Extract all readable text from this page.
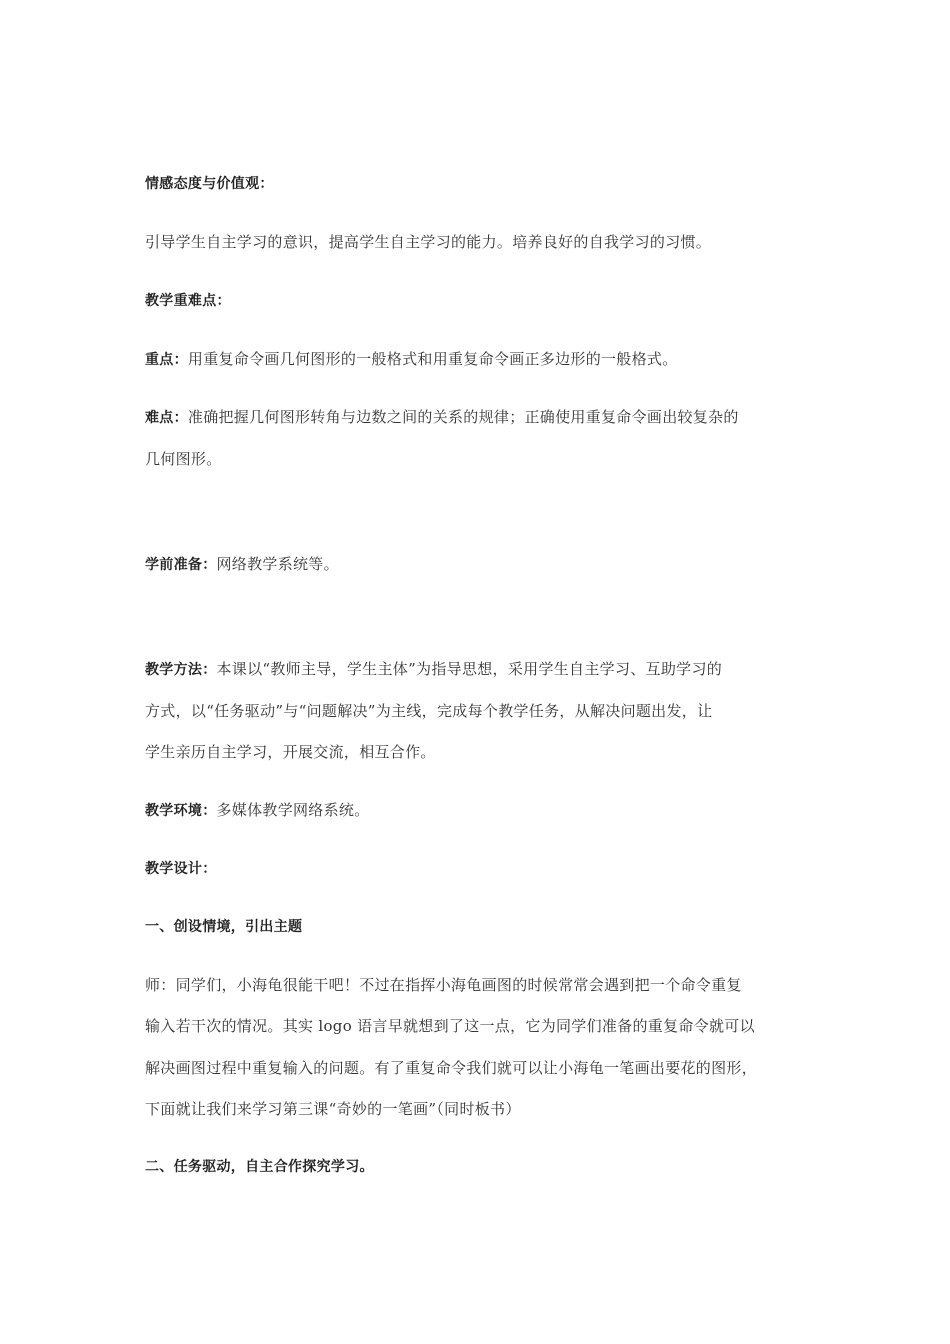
情感态度与价值观：
引导学生自主学习的意识，提高学生自主学习的能力。培养良好的自我学习的习惯。
教学重难点：
重点：用重复命令画几何图形的一般格式和用重复命令画正多边形的一般格式。
难点：准确把握几何图形转角与边数之间的关系的规律；正确使用重复命令画出较复杂的
几何图形。
学前准备：网络教学系统等。
教学方法：本课以“教师主导，学生主体”为指导思想，采用学生自主学习、互助学习的
方式，以“任务驱动”与“问题解决”为主线，完成每个教学任务，从解决问题出发，让
学生亲历自主学习，开展交流，相互合作。
教学环境：多媒体教学网络系统。
教学设计：
一、创设情境，引出主题
师：同学们，小海龟很能干吧！不过在指挥小海龟画图的时候常常会遇到把一个命令重复
输入若干次的情况。其实 logo 语言早就想到了这一点，它为同学们准备的重复命令就可以
解决画图过程中重复输入的问题。有了重复命令我们就可以让小海龟一笔画出要花的图形，
下面就让我们来学习第三课“奇妙的一笔画”（同时板书）
二、任务驱动，自主合作探究学习。
